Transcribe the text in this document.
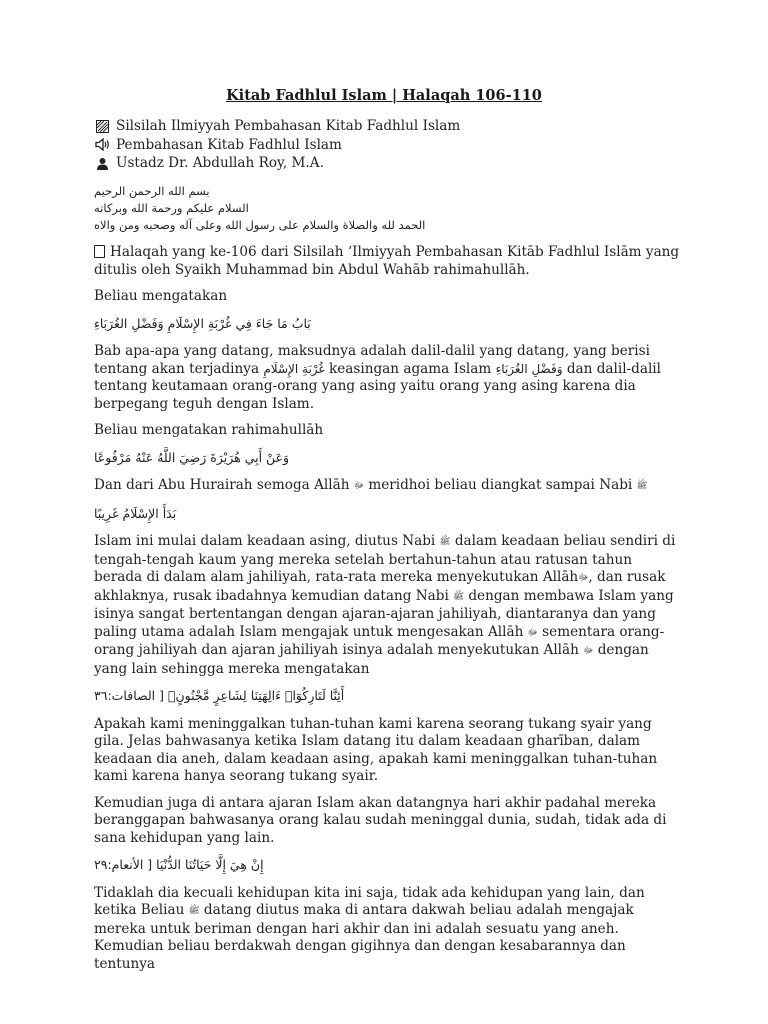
Kitab Fadhlul Islam | Halaqah 106-110
Silsilah Ilmiyyah Pembahasan Kitab Fadhlul Islam
Pembahasan Kitab Fadhlul Islam
Ustadz Dr. Abdullah Roy, M.A.
بسم الله الرحمن الرحيم
السلام عليكم ورحمة الله وبركاته
الحمد لله والصلاة والسلام على رسول الله وعلى آله وصحبه ومن والاه

Halaqah yang ke-106 dari Silsilah ‘Ilmiyyah Pembahasan Kitāb Fadhlul Islām yang ditulis oleh Syaikh Muhammad bin Abdul Wahāb rahimahullāh.

Beliau mengatakan

بَابُ مَا جَاءَ فِي غُرْبَةِ الإِسْلَامِ وَفَضْلِ الغُرَبَاءِ

Bab apa-apa yang datang, maksudnya adalah dalil-dalil yang datang, yang berisi tentang akan terjadinya غُرْبَةِ الإِسْلَامِ keasingan agama Islam وَفَضْلِ الغُرَبَاءِ dan dalil-dalil tentang keutamaan orang-orang yang asing yaitu orang yang asing karena dia berpegang teguh dengan Islam.

Beliau mengatakan rahimahullāh

وَعَنْ أَبِي هُرَيْرَةَ رَضِيَ اللَّهُ عَنْهُ مَرْفُوعًا

Dan dari Abu Hurairah semoga Allāh ﷻ meridhoi beliau diangkat sampai Nabi ﷺ

بَدَأَ الإِسْلَامُ غَرِيبًا

Islam ini mulai dalam keadaan asing, diutus Nabi ﷺ dalam keadaan beliau sendiri di tengah-tengah kaum yang mereka setelah bertahun-tahun atau ratusan tahun berada di dalam alam jahiliyah, rata-rata mereka menyekutukan Allāhﷻ, dan rusak akhlaknya, rusak ibadahnya kemudian datang Nabi ﷺ dengan membawa Islam yang isinya sangat bertentangan dengan ajaran-ajaran jahiliyah, diantaranya dan yang paling utama adalah Islam mengajak untuk mengesakan Allāh ﷻ sementara orang-orang jahiliyah dan ajaran jahiliyah isinya adalah menyekutukan Allāh ﷻ dengan yang lain sehingga mereka mengatakan

أَئِنَّا لَتَارِكُوٓا۟ ءَالِهَتِنَا لِشَاعِرٍ مَّجْنُونٍۭ [ الصافات:٣٦

Apakah kami meninggalkan tuhan-tuhan kami karena seorang tukang syair yang gila. Jelas bahwasanya ketika Islam datang itu dalam keadaan gharīban, dalam keadaan dia aneh, dalam keadaan asing, apakah kami meninggalkan tuhan-tuhan kami karena hanya seorang tukang syair.

Kemudian juga di antara ajaran Islam akan datangnya hari akhir padahal mereka beranggapan bahwasanya orang kalau sudah meninggal dunia, sudah, tidak ada di sana kehidupan yang lain.

إِنْ هِيَ إِلَّا حَيَاتُنَا الدُّنْيَا [ الأنعام:٢٩

Tidaklah dia kecuali kehidupan kita ini saja, tidak ada kehidupan yang lain, dan ketika Beliau ﷺ datang diutus maka di antara dakwah beliau adalah mengajak mereka untuk beriman dengan hari akhir dan ini adalah sesuatu yang aneh.

Kemudian beliau berdakwah dengan gigihnya dan dengan kesabarannya dan tentunya
